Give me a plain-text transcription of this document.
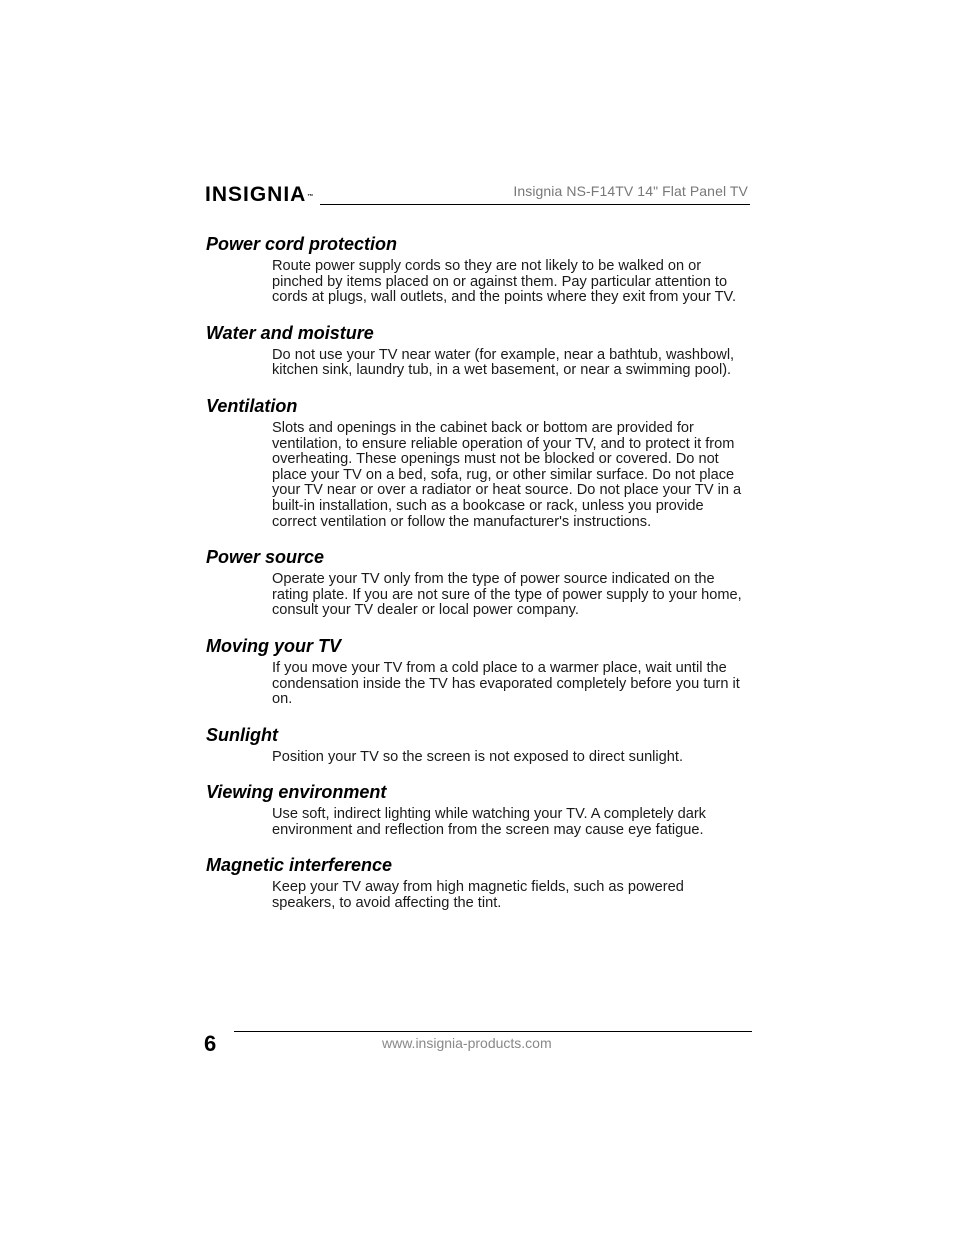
INSIGNIA™	Insignia NS-F14TV 14" Flat Panel TV
Power cord protection

Route power supply cords so they are not likely to be walked on or pinched by items placed on or against them. Pay particular attention to cords at plugs, wall outlets, and the points where they exit from your TV.

Water and moisture

Do not use your TV near water (for example, near a bathtub, washbowl, kitchen sink, laundry tub, in a wet basement, or near a swimming pool).

Ventilation

Slots and openings in the cabinet back or bottom are provided for ventilation, to ensure reliable operation of your TV, and to protect it from overheating. These openings must not be blocked or covered. Do not place your TV on a bed, sofa, rug, or other similar surface. Do not place your TV near or over a radiator or heat source. Do not place your TV in a built-in installation, such as a bookcase or rack, unless you provide correct ventilation or follow the manufacturer's instructions.

Power source

Operate your TV only from the type of power source indicated on the rating plate. If you are not sure of the type of power supply to your home, consult your TV dealer or local power company.

Moving your TV

If you move your TV from a cold place to a warmer place, wait until the condensation inside the TV has evaporated completely before you turn it on.

Sunlight

Position your TV so the screen is not exposed to direct sunlight.

Viewing environment

Use soft, indirect lighting while watching your TV. A completely dark environment and reflection from the screen may cause eye fatigue.

Magnetic interference

Keep your TV away from high magnetic fields, such as powered speakers, to avoid affecting the tint.

6	www.insignia-products.com
